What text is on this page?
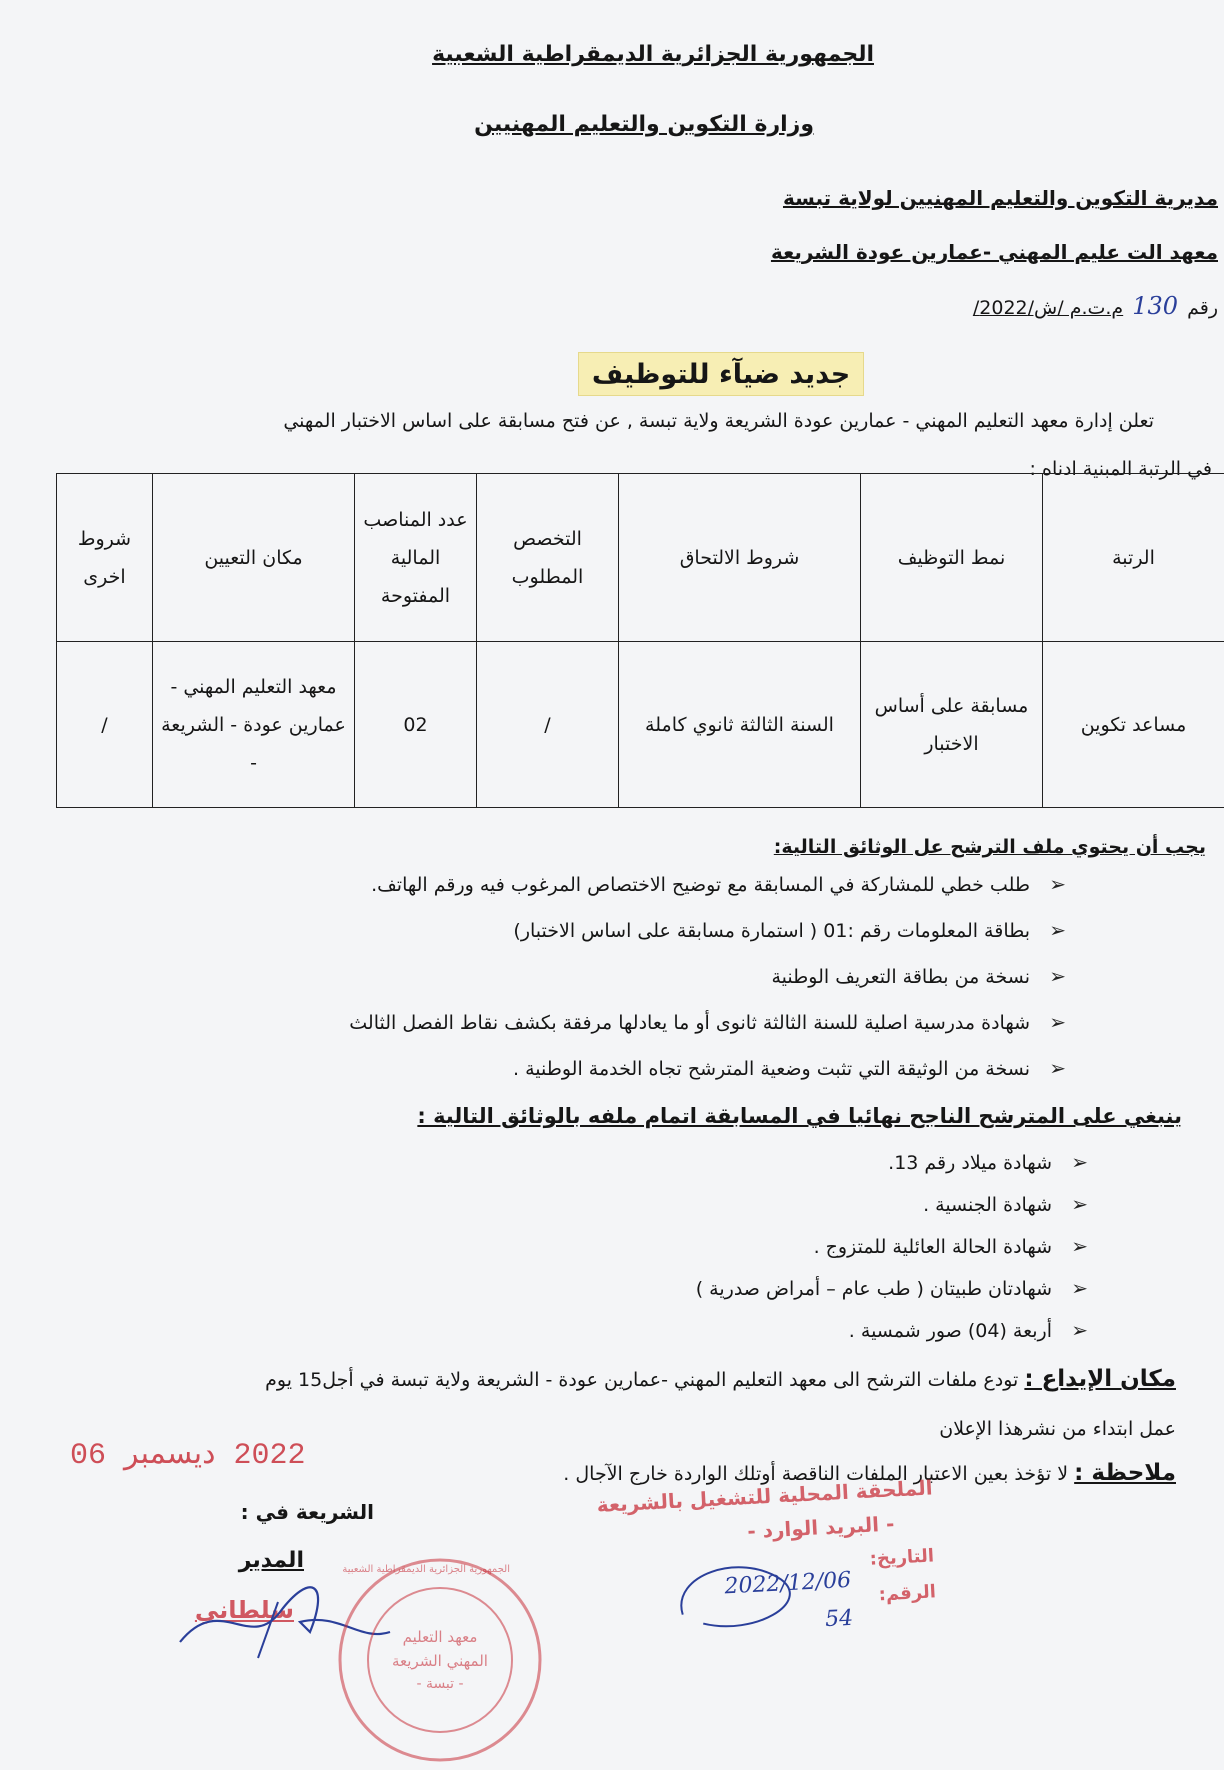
الجمهورية الجزائرية الديمقراطية الشعبية
وزارة التكوين والتعليم المهنيين
مديرية التكوين والتعليم المهنيين لولاية تبسة
معهد الت عليم المهني -عمارين عودة الشريعة
رقم 130 /م.ت.م /ش/2022
جديد ضيآء للتوظيف
تعلن إدارة معهد التعليم المهني - عمارين عودة الشريعة ولاية تبسة , عن فتح مسابقة على اساس الاختبار المهني
في الرتبة المبنية ادناه :
الرتبة	نمط التوظيف	شروط الالتحاق	التخصص المطلوب	عدد المناصب المالية المفتوحة	مكان التعيين	شروط اخرى
مساعد تكوين	مسابقة على أساس الاختبار	السنة الثالثة ثانوي كاملة	/	02	معهد التعليم المهني - عمارين عودة - الشريعة -	/
يجب أن يحتوي ملف الترشح عل الوثائق التالية:
➢طلب خطي للمشاركة في المسابقة مع توضيح الاختصاص المرغوب فيه ورقم الهاتف.
➢بطاقة المعلومات رقم :01 ( استمارة مسابقة على اساس الاختبار)
➢نسخة من بطاقة التعريف الوطنية
➢شهادة مدرسية اصلية للسنة الثالثة ثانوى أو ما يعادلها مرفقة بكشف نقاط الفصل الثالث
➢نسخة من الوثيقة التي تثبت وضعية المترشح تجاه الخدمة الوطنية .
ينبغي على المترشح الناجح نهائيا في المسابقة اتمام ملفه بالوثائق التالية :
➢شهادة ميلاد رقم 13.
➢شهادة الجنسية .
➢شهادة الحالة العائلية للمتزوج .
➢شهادتان طبيتان ( طب عام – أمراض صدرية )
➢أربعة (04) صور شمسية .
مكان الإيداع : تودع ملفات الترشح الى معهد التعليم المهني -عمارين عودة - الشريعة ولاية تبسة في أجل15 يوم
عمل ابتداء من نشرهذا الإعلان
ملاحظة : لا تؤخذ بعين الاعتبار الملفات الناقصة أوتلك الواردة خارج الآجال .
2022 ديسمبر 06
الشريعة في :
المدير
سلطاني
الجمهورية الجزائرية الديمقراطية الشعبية
معهد التعليم
المهني الشريعة
- تبسة -
الملحقة المحلية للتشغيل بالشريعة
- البريد الوارد -
التاريخ:
2022/12/06 الرقم:
54
